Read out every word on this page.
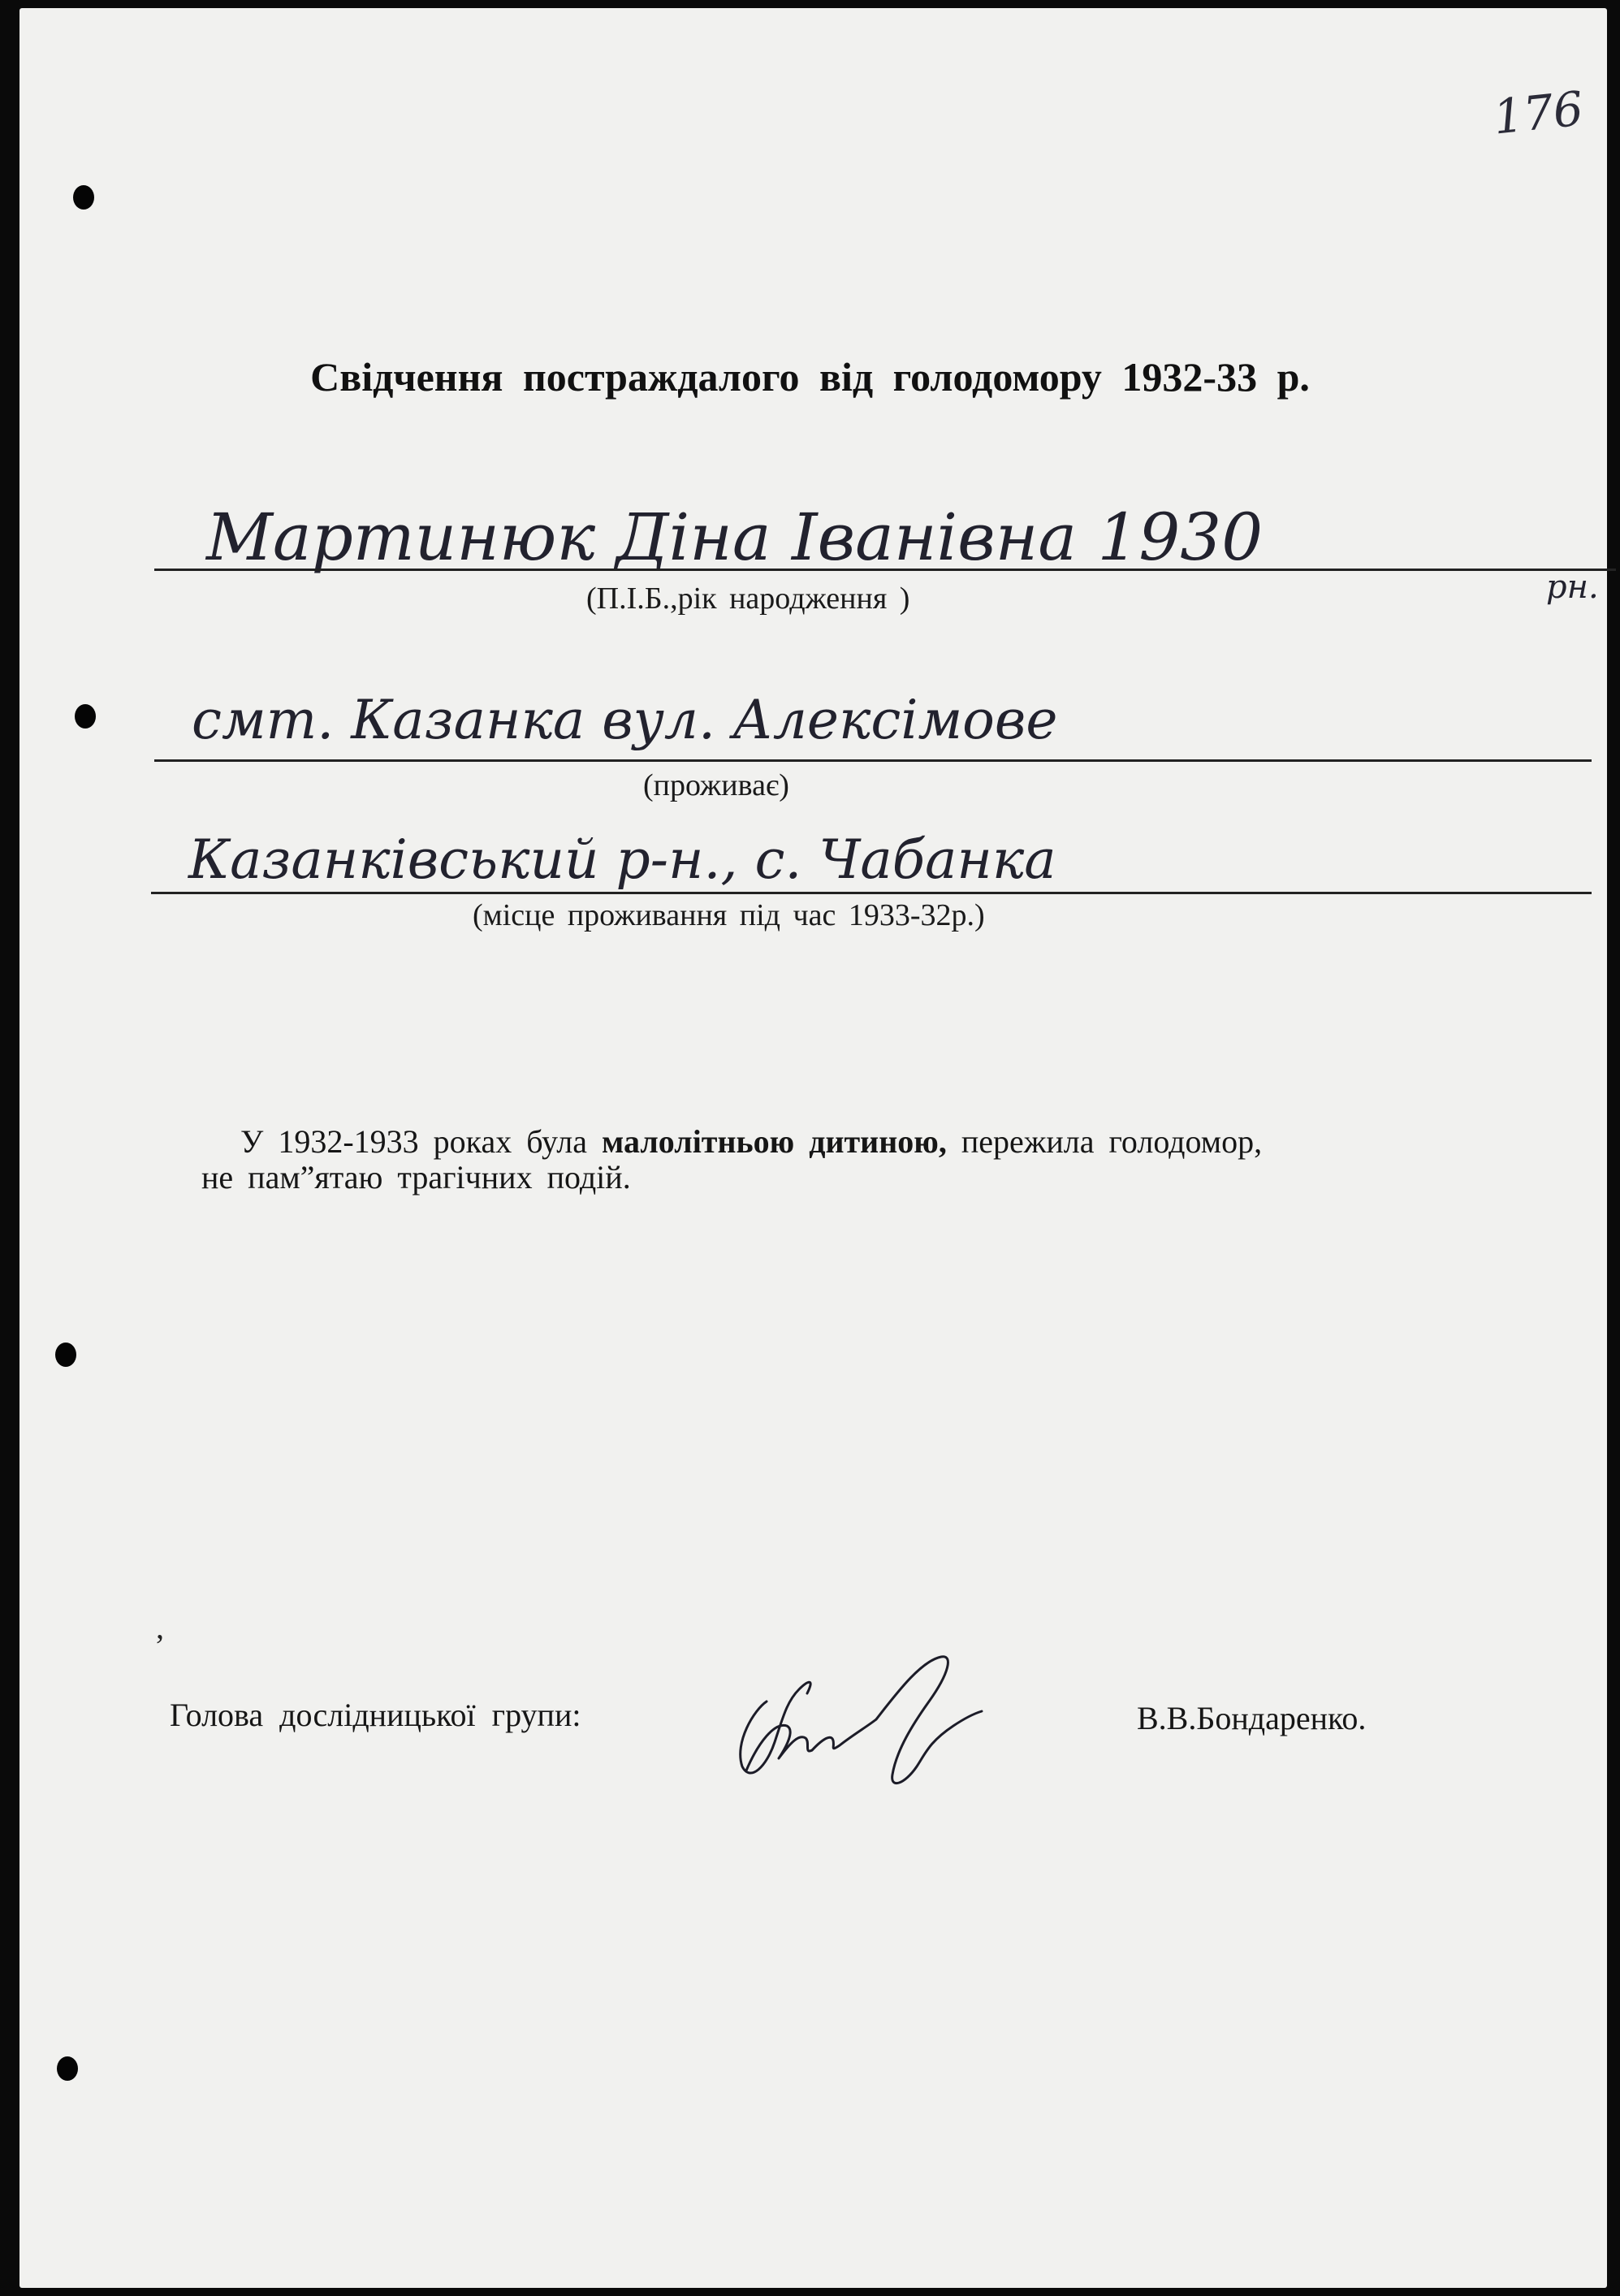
176
Свідчення постраждалого від голодомору 1932-33 р.
Мартинюк Діна Іванівна 1930
рн.
(П.І.Б.,рік народження )
смт. Казанка вул. Алексімове
(проживає)
Казанківський р-н., с. Чабанка
(місце проживання під час 1933-32р.)
У 1932-1933 роках була малолітньою дитиною, пережила голодомор,
не пам”ятаю трагічних подій.
,
Голова дослідницької групи:	В.В.Бондаренко.
